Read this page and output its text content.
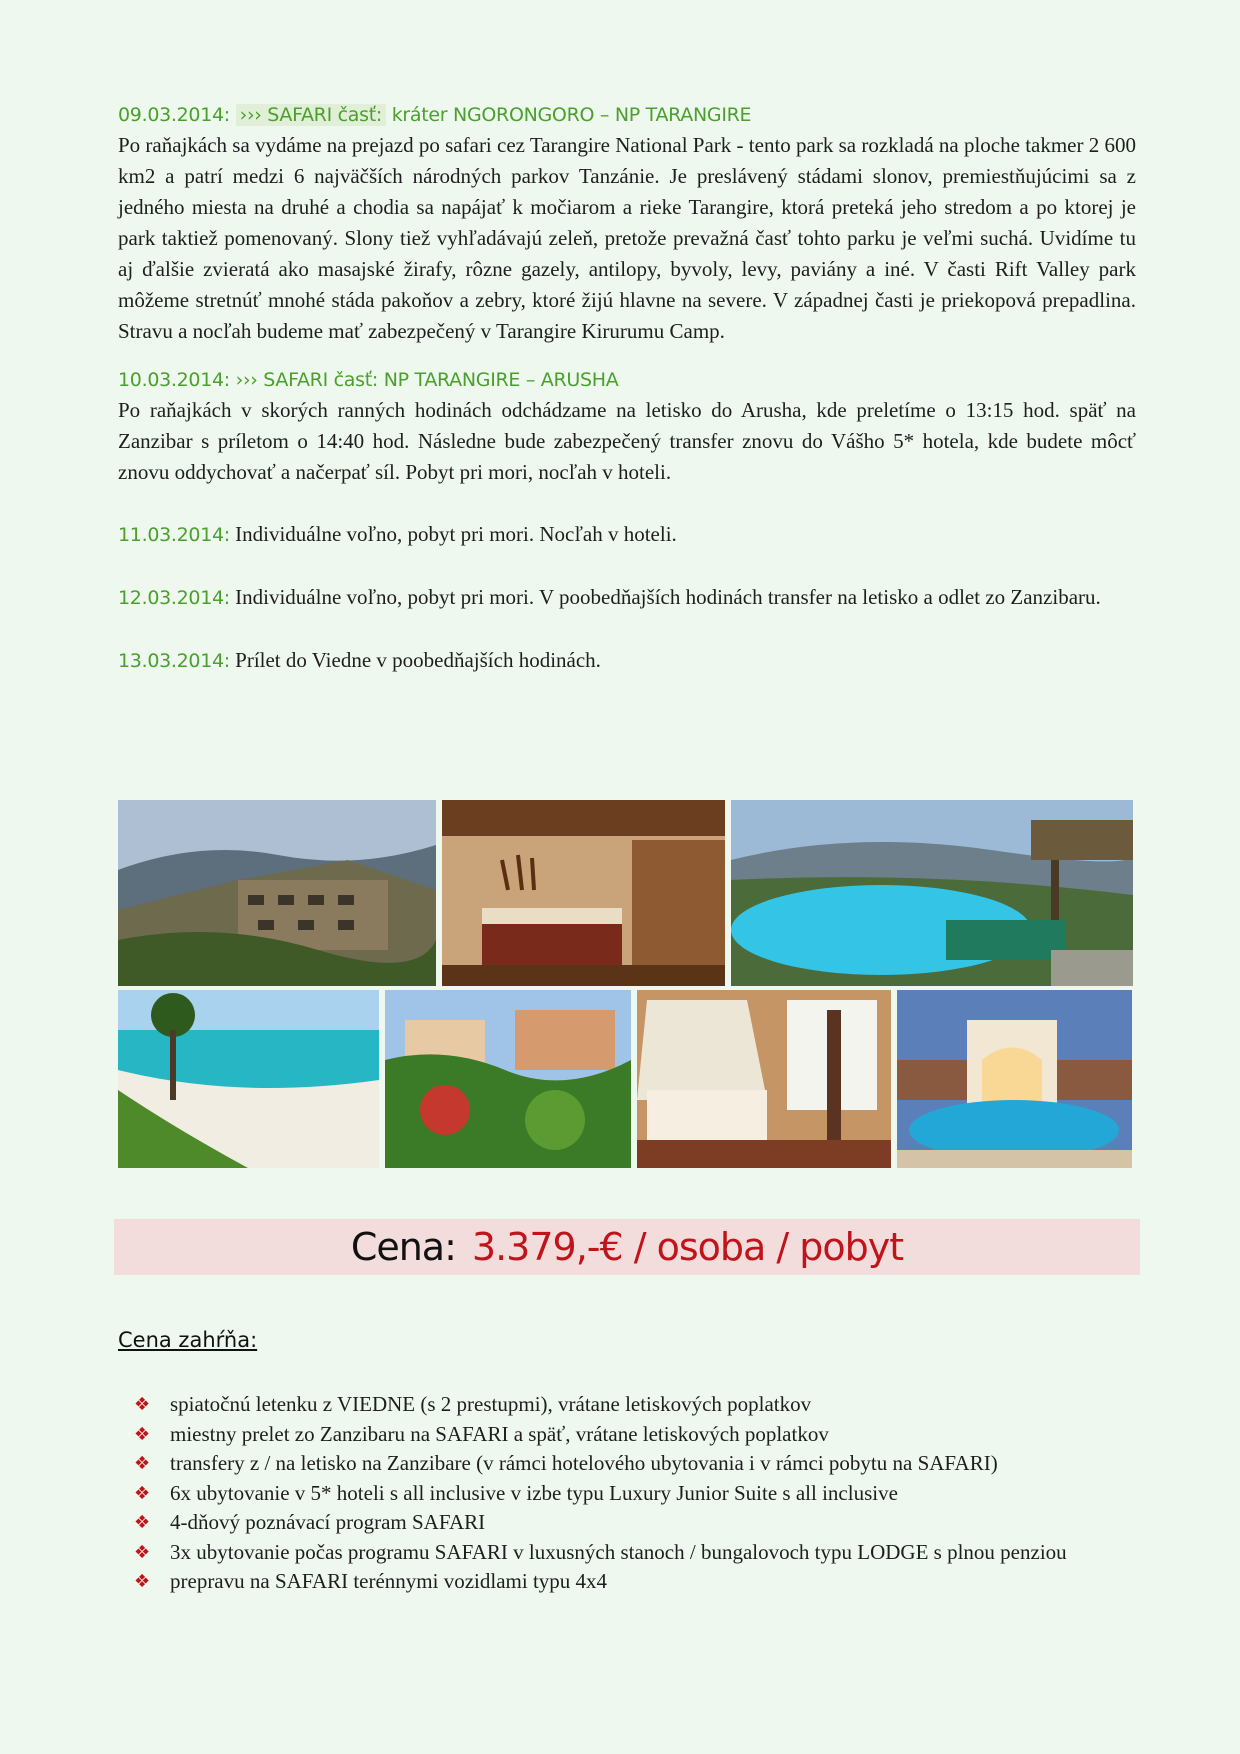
09.03.2014: ››› SAFARI časť: kráter NGORONGORO – NP TARANGIRE

Po raňajkách sa vydáme na prejazd po safari cez Tarangire National Park - tento park sa rozkladá na ploche takmer 2 600 km2 a patrí medzi 6 najväčších národných parkov Tanzánie. Je preslávený stádami slonov, premiestňujúcimi sa z jedného miesta na druhé a chodia sa napájať k močiarom a rieke Tarangire, ktorá preteká jeho stredom a po ktorej je park taktiež pomenovaný. Slony tiež vyhľadávajú zeleň, pretože prevažná časť tohto parku je veľmi suchá. Uvidíme tu aj ďalšie zvieratá ako masajské žirafy, rôzne gazely, antilopy, byvoly, levy, paviány a iné. V časti Rift Valley park môžeme stretnúť mnohé stáda pakoňov a zebry, ktoré žijú hlavne na severe. V západnej časti je priekopová prepadlina. Stravu a nocľah budeme mať zabezpečený v Tarangire Kirurumu Camp.

10.03.2014: ››› SAFARI časť: NP TARANGIRE – ARUSHA

Po raňajkách v skorých ranných hodinách odchádzame na letisko do Arusha, kde preletíme o 13:15 hod. späť na Zanzibar s príletom o 14:40 hod. Následne bude zabezpečený transfer znovu do Vášho 5* hotela, kde budete môcť znovu oddychovať a načerpať síl. Pobyt pri mori, nocľah v hoteli.

11.03.2014: Individuálne voľno, pobyt pri mori. Nocľah v hoteli.

12.03.2014: Individuálne voľno, pobyt pri mori. V poobedňajších hodinách transfer na letisko a odlet zo Zanzibaru.

13.03.2014: Prílet do Viedne v poobedňajších hodinách.

Cena: 3.379,-€ / osoba / pobyt
Cena zahŕňa:
❖ spiatočnú letenku z VIEDNE (s 2 prestupmi), vrátane letiskových poplatkov
❖ miestny prelet zo Zanzibaru na SAFARI a späť, vrátane letiskových poplatkov
❖ transfery z / na letisko na Zanzibare (v rámci hotelového ubytovania i v rámci pobytu na SAFARI)
❖ 6x ubytovanie v 5* hoteli s all inclusive v izbe typu Luxury Junior Suite s all inclusive
❖ 4-dňový poznávací program SAFARI
❖ 3x ubytovanie počas programu SAFARI v luxusných stanoch / bungalovoch typu LODGE s plnou penziou
❖ prepravu na SAFARI terénnymi vozidlami typu 4x4
